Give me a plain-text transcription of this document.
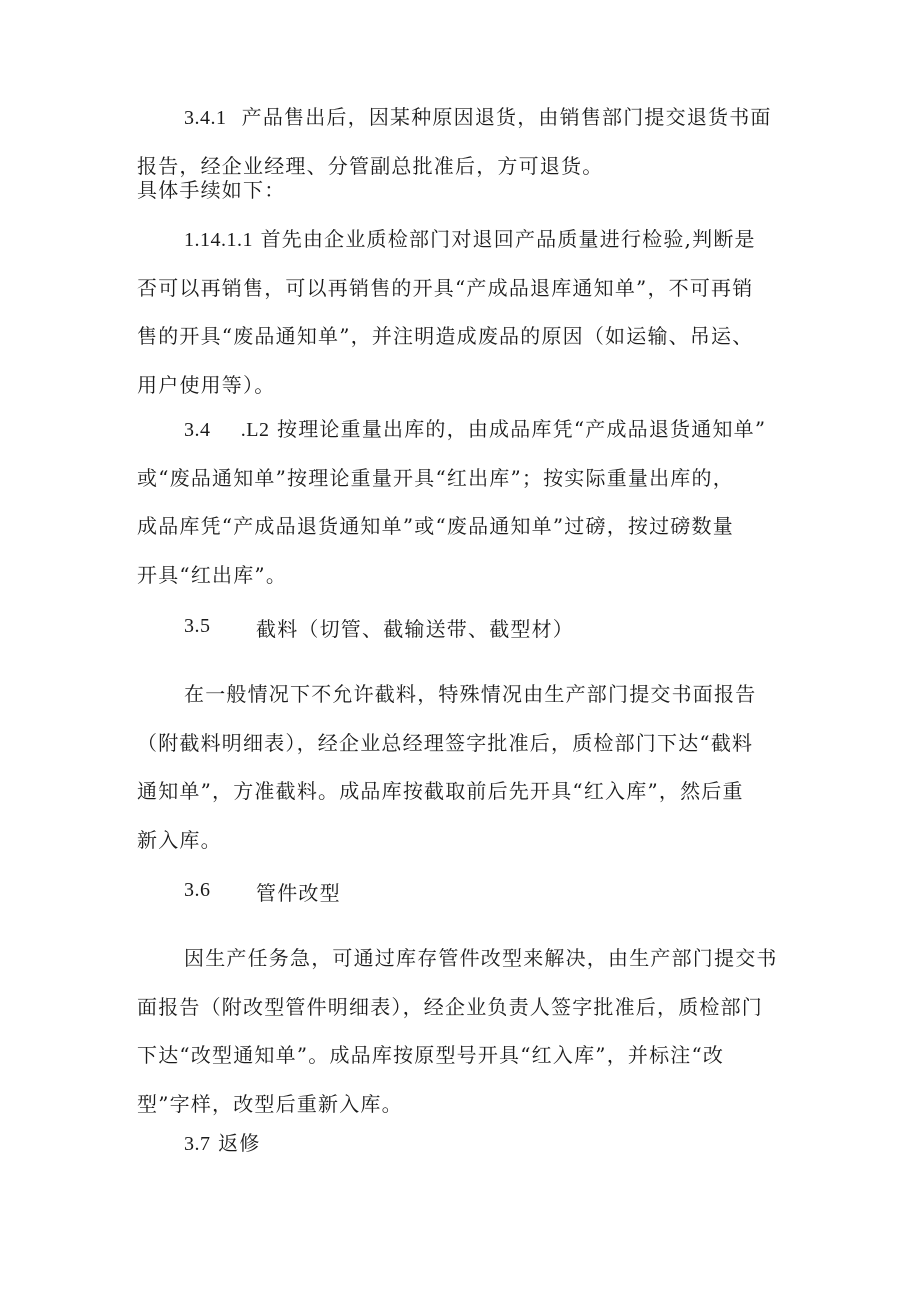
3.4.1 产品售出后，因某种原因退货，由销售部门提交退货书面
报告，经企业经理、分管副总批准后，方可退货。
具体手续如下：
1.14.1.1 首先由企业质检部门对退回产品质量进行检验,判断是
否可以再销售，可以再销售的开具“产成品退库通知单”，不可再销
售的开具“废品通知单”，并注明造成废品的原因（如运输、吊运、
用户使用等）。
3.4 .L2 按理论重量出库的，由成品库凭“产成品退货通知单”
或“废品通知单”按理论重量开具“红出库”；按实际重量出库的，
成品库凭“产成品退货通知单”或“废品通知单”过磅，按过磅数量
开具“红出库”。
3.5 截料（切管、截输送带、截型材）
在一般情况下不允许截料，特殊情况由生产部门提交书面报告
（附截料明细表），经企业总经理签字批准后，质检部门下达“截料
通知单”，方准截料。成品库按截取前后先开具“红入库”，然后重
新入库。
3.6 管件改型
因生产任务急，可通过库存管件改型来解决，由生产部门提交书
面报告（附改型管件明细表），经企业负责人签字批准后，质检部门
下达“改型通知单”。成品库按原型号开具“红入库”，并标注“改
型”字样，改型后重新入库。
3.7 返修
